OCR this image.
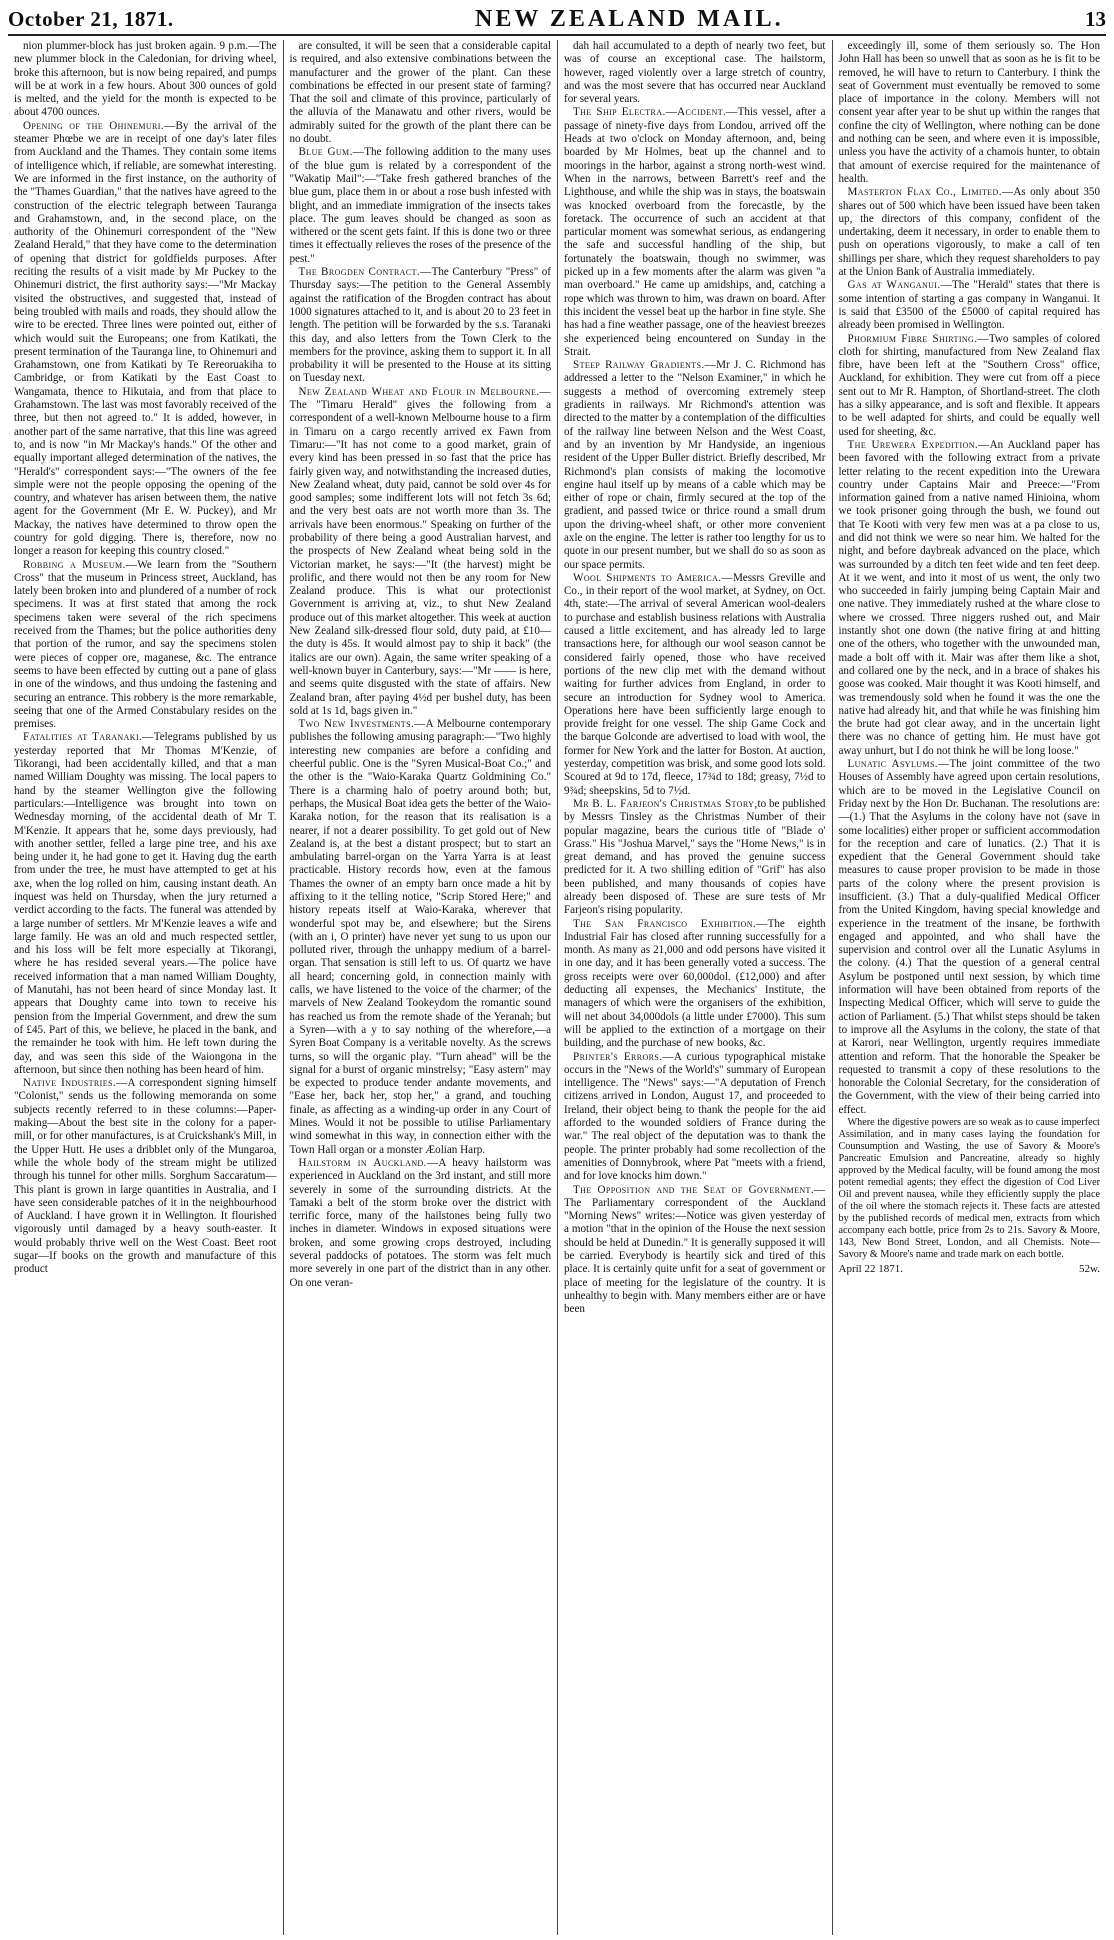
October 21, 1871.	NEW ZEALAND MAIL.	13

nion plummer-block has just broken again. 9 p.m.—The new plummer block in the Caledonian, for driving wheel, broke this afternoon, but is now being repaired, and pumps will be at work in a few hours. About 300 ounces of gold is melted, and the yield for the month is expected to be about 4700 ounces.

Opening of the Ohinemuri.—By the arrival of the steamer Phœbe we are in receipt of one day's later files from Auckland and the Thames. They contain some items of intelligence which, if reliable, are somewhat interesting. We are informed in the first instance, on the authority of the "Thames Guardian," that the natives have agreed to the construction of the electric telegraph between Tauranga and Grahamstown, and, in the second place, on the authority of the Ohinemuri correspondent of the "New Zealand Herald," that they have come to the determination of opening that district for goldfields purposes. After reciting the results of a visit made by Mr Puckey to the Ohinemuri district, the first authority says:—"Mr Mackay visited the obstructives, and suggested that, instead of being troubled with mails and roads, they should allow the wire to be erected. Three lines were pointed out, either of which would suit the Europeans; one from Katikati, the present termination of the Tauranga line, to Ohinemuri and Grahamstown, one from Katikati by Te Rereoruakiha to Cambridge, or from Katikati by the East Coast to Wangamata, thence to Hikutaia, and from that place to Grahamstown. The last was most favorably received of the three, but then not agreed to." It is added, however, in another part of the same narrative, that this line was agreed to, and is now "in Mr Mackay's hands." Of the other and equally important alleged determination of the natives, the "Herald's" correspondent says:—"The owners of the fee simple were not the people opposing the opening of the country, and whatever has arisen between them, the native agent for the Government (Mr E. W. Puckey), and Mr Mackay, the natives have determined to throw open the country for gold digging. There is, therefore, now no longer a reason for keeping this country closed."

Robbing a Museum.—We learn from the "Southern Cross" that the museum in Princess street, Auckland, has lately been broken into and plundered of a number of rock specimens. It was at first stated that among the rock specimens taken were several of the rich specimens received from the Thames; but the police authorities deny that portion of the rumor, and say the specimens stolen were pieces of copper ore, maganese, &c. The entrance seems to have been effected by cutting out a pane of glass in one of the windows, and thus undoing the fastening and securing an entrance. This robbery is the more remarkable, seeing that one of the Armed Constabulary resides on the premises.

Fatalities at Taranaki.—Telegrams published by us yesterday reported that Mr Thomas M'Kenzie, of Tikorangi, had been accidentally killed, and that a man named William Doughty was missing. The local papers to hand by the steamer Wellington give the following particulars:—Intelligence was brought into town on Wednesday morning, of the accidental death of Mr T. M'Kenzie. It appears that he, some days previously, had with another settler, felled a large pine tree, and his axe being under it, he had gone to get it. Having dug the earth from under the tree, he must have attempted to get at his axe, when the log rolled on him, causing instant death. An inquest was held on Thursday, when the jury returned a verdict according to the facts. The funeral was attended by a large number of settlers. Mr M'Kenzie leaves a wife and large family. He was an old and much respected settler, and his loss will be felt more especially at Tikorangi, where he has resided several years.—The police have received information that a man named William Doughty, of Manutahi, has not been heard of since Monday last. It appears that Doughty came into town to receive his pension from the Imperial Government, and drew the sum of £45. Part of this, we believe, he placed in the bank, and the remainder he took with him. He left town during the day, and was seen this side of the Waiongona in the afternoon, but since then nothing has been heard of him.

Native Industries.—A correspondent signing himself "Colonist," sends us the following memoranda on some subjects recently referred to in these columns:—Paper-making—About the best site in the colony for a paper-mill, or for other manufactures, is at Cruickshank's Mill, in the Upper Hutt. He uses a dribblet only of the Mungaroa, while the whole body of the stream might be utilized through his tunnel for other mills. Sorghum Saccaratum—This plant is grown in large quantities in Australia, and I have seen considerable patches of it in the neighbourhood of Auckland. I have grown it in Wellington. It flourished vigorously until damaged by a heavy south-easter. It would probably thrive well on the West Coast. Beet root sugar—If books on the growth and manufacture of this product

are consulted, it will be seen that a considerable capital is required, and also extensive combinations between the manufacturer and the grower of the plant. Can these combinations be effected in our present state of farming? That the soil and climate of this province, particularly of the alluvia of the Manawatu and other rivers, would be admirably suited for the growth of the plant there can be no doubt.

Blue Gum.—The following addition to the many uses of the blue gum is related by a correspondent of the "Wakatip Mail":—"Take fresh gathered branches of the blue gum, place them in or about a rose bush infested with blight, and an immediate immigration of the insects takes place. The gum leaves should be changed as soon as withered or the scent gets faint. If this is done two or three times it effectually relieves the roses of the presence of the pest."

The Brogden Contract.—The Canterbury "Press" of Thursday says:—The petition to the General Assembly against the ratification of the Brogden contract has about 1000 signatures attached to it, and is about 20 to 23 feet in length. The petition will be forwarded by the s.s. Taranaki this day, and also letters from the Town Clerk to the members for the province, asking them to support it. In all probability it will be presented to the House at its sitting on Tuesday next.

New Zealand Wheat and Flour in Melbourne.—The "Timaru Herald" gives the following from a correspondent of a well-known Melbourne house to a firm in Timaru on a cargo recently arrived ex Fawn from Timaru:—"It has not come to a good market, grain of every kind has been pressed in so fast that the price has fairly given way, and notwithstanding the increased duties, New Zealand wheat, duty paid, cannot be sold over 4s for good samples; some indifferent lots will not fetch 3s 6d; and the very best oats are not worth more than 3s. The arrivals have been enormous." Speaking on further of the probability of there being a good Australian harvest, and the prospects of New Zealand wheat being sold in the Victorian market, he says:—"It (the harvest) might be prolific, and there would not then be any room for New Zealand produce. This is what our protectionist Government is arriving at, viz., to shut New Zealand produce out of this market altogether. This week at auction New Zealand silk-dressed flour sold, duty paid, at £10—the duty is 45s. It would almost pay to ship it back" (the italics are our own). Again, the same writer speaking of a well-known buyer in Canterbury, says:—"Mr —— is here, and seems quite disgusted with the state of affairs. New Zealand bran, after paying 4½d per bushel duty, has been sold at 1s 1d, bags given in."

Two New Investments.—A Melbourne contemporary publishes the following amusing paragraph:—"Two highly interesting new companies are before a confiding and cheerful public. One is the "Syren Musical-Boat Co.;" and the other is the "Waio-Karaka Quartz Goldmining Co." There is a charming halo of poetry around both; but, perhaps, the Musical Boat idea gets the better of the Waio-Karaka notion, for the reason that its realisation is a nearer, if not a dearer possibility. To get gold out of New Zealand is, at the best a distant prospect; but to start an ambulating barrel-organ on the Yarra Yarra is at least practicable. History records how, even at the famous Thames the owner of an empty barn once made a hit by affixing to it the telling notice, "Scrip Stored Here;" and history repeats itself at Waio-Karaka, wherever that wonderful spot may be, and elsewhere; but the Sirens (with an i, O printer) have never yet sung to us upon our polluted river, through the unhappy medium of a barrel-organ. That sensation is still left to us. Of quartz we have all heard; concerning gold, in connection mainly with calls, we have listened to the voice of the charmer; of the marvels of New Zealand Tookeydom the romantic sound has reached us from the remote shade of the Yeranah; but a Syren—with a y to say nothing of the wherefore,—a Syren Boat Company is a veritable novelty. As the screws turns, so will the organic play. "Turn ahead" will be the signal for a burst of organic minstrelsy; "Easy astern" may be expected to produce tender andante movements, and "Ease her, back her, stop her," a grand, and touching finale, as affecting as a winding-up order in any Court of Mines. Would it not be possible to utilise Parliamentary wind somewhat in this way, in connection either with the Town Hall organ or a monster Æolian Harp.

Hailstorm in Auckland.—A heavy hailstorm was experienced in Auckland on the 3rd instant, and still more severely in some of the surrounding districts. At the Tamaki a belt of the storm broke over the district with terrific force, many of the hailstones being fully two inches in diameter. Windows in exposed situations were broken, and some growing crops destroyed, including several paddocks of potatoes. The storm was felt much more severely in one part of the district than in any other. On one veran-

dah hail accumulated to a depth of nearly two feet, but was of course an exceptional case. The hailstorm, however, raged violently over a large stretch of country, and was the most severe that has occurred near Auckland for several years.

The Ship Electra.—Accident.—This vessel, after a passage of ninety-five days from Londou, arrived off the Heads at two o'clock on Monday afternoon, and, being boarded by Mr Holmes, beat up the channel and to moorings in the harbor, against a strong north-west wind. When in the narrows, between Barrett's reef and the Lighthouse, and while the ship was in stays, the boatswain was knocked overboard from the forecastle, by the foretack. The occurrence of such an accident at that particular moment was somewhat serious, as endangering the safe and successful handling of the ship, but fortunately the boatswain, though no swimmer, was picked up in a few moments after the alarm was given "a man overboard." He came up amidships, and, catching a rope which was thrown to him, was drawn on board. After this incident the vessel beat up the harbor in fine style. She has had a fine weather passage, one of the heaviest breezes she experienced being encountered on Sunday in the Strait.

Steep Railway Gradients.—Mr J. C. Richmond has addressed a letter to the "Nelson Examiner," in which he suggests a method of overcoming extremely steep gradients in railways. Mr Richmond's attention was directed to the matter by a contemplation of the difficulties of the railway line between Nelson and the West Coast, and by an invention by Mr Handyside, an ingenious resident of the Upper Buller district. Briefly described, Mr Richmond's plan consists of making the locomotive engine haul itself up by means of a cable which may be either of rope or chain, firmly secured at the top of the gradient, and passed twice or thrice round a small drum upon the driving-wheel shaft, or other more convenient axle on the engine. The letter is rather too lengthy for us to quote in our present number, but we shall do so as soon as our space permits.

Wool Shipments to America.—Messrs Greville and Co., in their report of the wool market, at Sydney, on Oct. 4th, state:—The arrival of several American wool-dealers to purchase and establish business relations with Australia caused a little excitement, and has already led to large transactions here, for although our wool season cannot be considered fairly opened, those who have received portions of the new clip met with the demand without waiting for further advices from England, in order to secure an introduction for Sydney wool to America. Operations here have been sufficiently large enough to provide freight for one vessel. The ship Game Cock and the barque Golconde are advertised to load with wool, the former for New York and the latter for Boston. At auction, yesterday, competition was brisk, and some good lots sold. Scoured at 9d to 17d, fleece, 17¾d to 18d; greasy, 7½d to 9¾d; sheepskins, 5d to 7½d.

Mr B. L. Farjeon's Christmas Story,to be published by Messrs Tinsley as the Christmas Number of their popular magazine, bears the curious title of "Blade o' Grass." His "Joshua Marvel," says the "Home News," is in great demand, and has proved the genuine success predicted for it. A two shilling edition of "Grif" has also been published, and many thousands of copies have already been disposed of. These are sure tests of Mr Farjeon's rising popularity.

The San Francisco Exhibition.—The eighth Industrial Fair has closed after running successfully for a month. As many as 21,000 and odd persons have visited it in one day, and it has been generally voted a success. The gross receipts were over 60,000dol. (£12,000) and after deducting all expenses, the Mechanics' Institute, the managers of which were the organisers of the exhibition, will net about 34,000dols (a little under £7000). This sum will be applied to the extinction of a mortgage on their building, and the purchase of new books, &c.

Printer's Errors.—A curious typographical mistake occurs in the "News of the World's" summary of European intelligence. The "News" says:—"A deputation of French citizens arrived in London, August 17, and proceeded to Ireland, their object being to thank the people for the aid afforded to the wounded soldiers of France during the war." The real object of the deputation was to thank the people. The printer probably had some recollection of the amenities of Donnybrook, where Pat "meets with a friend, and for love knocks him down."

The Opposition and the Seat of Government.—The Parliamentary correspondent of the Auckland "Morning News" writes:—Notice was given yesterday of a motion "that in the opinion of the House the next session should be held at Dunedin." It is generally supposed it will be carried. Everybody is heartily sick and tired of this place. It is certainly quite unfit for a seat of government or place of meeting for the legislature of the country. It is unhealthy to begin with. Many members either are or have been

exceedingly ill, some of them seriously so. The Hon John Hall has been so unwell that as soon as he is fit to be removed, he will have to return to Canterbury. I think the seat of Government must eventually be removed to some place of importance in the colony. Members will not consent year after year to be shut up within the ranges that confine the city of Wellington, where nothing can be done and nothing can be seen, and where even it is impossible, unless you have the activity of a chamois hunter, to obtain that amount of exercise required for the maintenance of health.

Masterton Flax Co., Limited.—As only about 350 shares out of 500 which have been issued have been taken up, the directors of this company, confident of the undertaking, deem it necessary, in order to enable them to push on operations vigorously, to make a call of ten shillings per share, which they request shareholders to pay at the Union Bank of Australia immediately.

Gas at Wanganui.—The "Herald" states that there is some intention of starting a gas company in Wanganui. It is said that £3500 of the £5000 of capital required has already been promised in Wellington.

Phormium Fibre Shirting.—Two samples of colored cloth for shirting, manufactured from New Zealand flax fibre, have been left at the "Southern Cross" office, Auckland, for exhibition. They were cut from off a piece sent out to Mr R. Hampton, of Shortland-street. The cloth has a silky appearance, and is soft and flexible. It appears to be well adapted for shirts, and could be equally well used for sheeting, &c.

The Urewera Expedition.—An Auckland paper has been favored with the following extract from a private letter relating to the recent expedition into the Urewara country under Captains Mair and Preece:—"From information gained from a native named Hinioina, whom we took prisoner going through the bush, we found out that Te Kooti with very few men was at a pa close to us, and did not think we were so near him. We halted for the night, and before daybreak advanced on the place, which was surrounded by a ditch ten feet wide and ten feet deep. At it we went, and into it most of us went, the only two who succeeded in fairly jumping being Captain Mair and one native. They immediately rushed at the whare close to where we crossed. Three niggers rushed out, and Mair instantly shot one down (the native firing at and hitting one of the others, who together with the unwounded man, made a bolt off with it. Mair was after them like a shot, and collared one by the neck, and in a brace of shakes his goose was cooked. Mair thought it was Kooti himself, and was tremendously sold when he found it was the one the native had already hit, and that while he was finishing him the brute had got clear away, and in the uncertain light there was no chance of getting him. He must have got away unhurt, but I do not think he will be long loose."

Lunatic Asylums.—The joint committee of the two Houses of Assembly have agreed upon certain resolutions, which are to be moved in the Legislative Council on Friday next by the Hon Dr. Buchanan. The resolutions are:—(1.) That the Asylums in the colony have not (save in some localities) either proper or sufficient accommodation for the reception and care of lunatics. (2.) That it is expedient that the General Government should take measures to cause proper provision to be made in those parts of the colony where the present provision is insufficient. (3.) That a duly-qualified Medical Officer from the United Kingdom, having special knowledge and experience in the treatment of the insane, be forthwith engaged and appointed, and who shall have the supervision and control over all the Lunatic Asylums in the colony. (4.) That the question of a general central Asylum be postponed until next session, by which time information will have been obtained from reports of the Inspecting Medical Officer, which will serve to guide the action of Parliament. (5.) That whilst steps should be taken to improve all the Asylums in the colony, the state of that at Karori, near Wellington, urgently requires immediate attention and reform. That the honorable the Speaker be requested to transmit a copy of these resolutions to the honorable the Colonial Secretary, for the consideration of the Government, with the view of their being carried into effect.

Where the digestive powers are so weak as to cause imperfect Assimilation, and in many cases laying the foundation for Counsumption and Wasting, the use of Savory & Moore's Pancreatic Emulsion and Pancreatine, already so highly approved by the Medical faculty, will be found among the most potent remedial agents; they effect the digestion of Cod Liver Oil and prevent nausea, while they efficiently supply the place of the oil where the stomach rejects it. These facts are attested by the published records of medical men, extracts from which accompany each bottle, price from 2s to 21s. Savory & Moore, 143, New Bond Street, London, and all Chemists. Note—Savory & Moore's name and trade mark on each bottle.

April 22 1871.	52w.
